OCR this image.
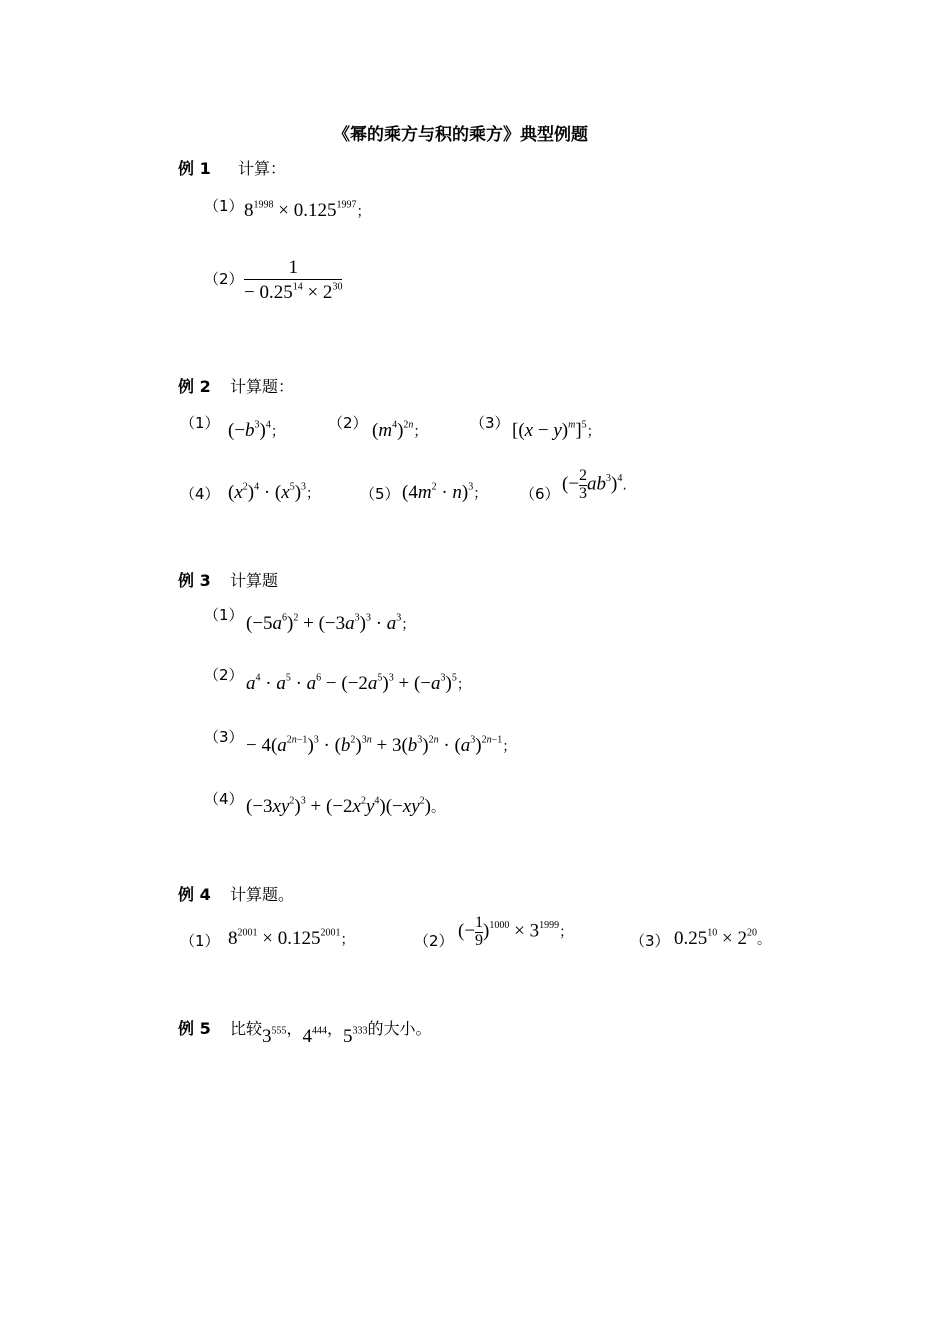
《幂的乘方与积的乘方》典型例题
例 1 计算：
（1） $8^{1998} \times 0.125^{1997}$；
$(2) \frac{1}{- 0.25^{14} \times 2^{30}}$
例 2 计算题：
（1） $(-b^3)^4$；	（2） $(m^4)^{2n}$；	（3） $[(x - y)^m]^5$；
（4） $(x^2)^4 \cdot (x^5)^3$；	（5） $(4m^2 \cdot n)^3$； （6） (− $\frac{2}{3} ab^3)^4$.
例 3 计算题
（1） $(-5a^6)^2 + (-3a^3)^3 \cdot a^3$；
（2） $a^4 \cdot a^5 \cdot a^6 - (-2a^5)^3 + (-a^3)^5$；
$(3) - 4(a^{2n-1})^3 \cdot (b^2)^{3n} + 3(b^3)^{2n} \cdot (a^3)^{2n-1}$；
（4） $(-3xy^2)^3 + (-2x^2y^4)(-xy^2)$。
例 4 计算题。
（1） $8^{2001} \times 0.125^{2001}$；	（2） (− $\frac{1}{9} )^{1000} \times 3^{1999}$；	（3） $0.25^{10} \times 2^{20}$。
例 5 比较$3^{555}$，$4^{444}$，$5^{333}$的大小。
